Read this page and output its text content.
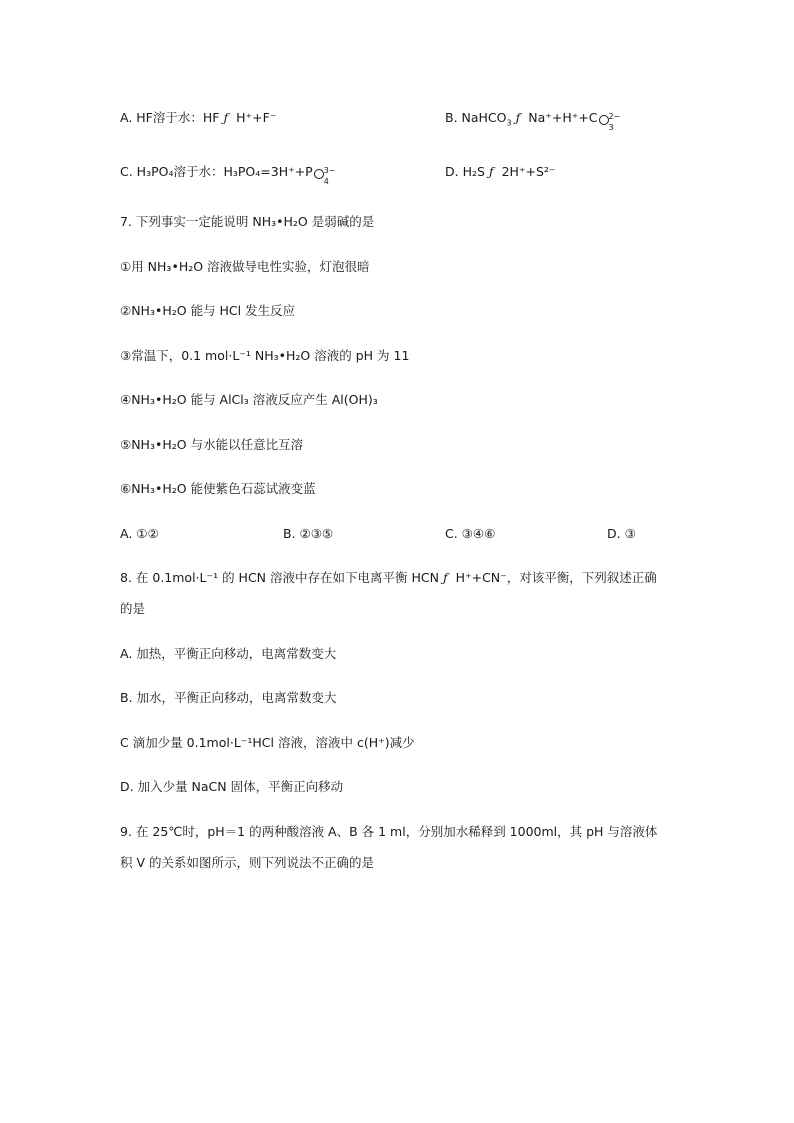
A. HF溶于水：HF ƒ H⁺+F⁻	B. NaHCO$_3$ ƒ Na⁺+H⁺+C 2−
3
C. H₃PO₄溶于水：H₃PO₄=3H⁺+P 3−
4
D. H₂S ƒ 2H⁺+S²⁻
7. 下列事实一定能说明 NH₃•H₂O 是弱碱的是
①用 NH₃•H₂O 溶液做导电性实验，灯泡很暗
②NH₃•H₂O 能与 HCl 发生反应
③常温下，0.1 mol·L⁻¹ NH₃•H₂O 溶液的 pH 为 11
④NH₃•H₂O 能与 AlCl₃ 溶液反应产生 Al(OH)₃
⑤NH₃•H₂O 与水能以任意比互溶
⑥NH₃•H₂O 能使紫色石蕊试液变蓝
A. ①②	B. ②③⑤	C. ③④⑥	D. ③
8. 在 0.1mol·L⁻¹ 的 HCN 溶液中存在如下电离平衡 HCN ƒ H⁺+CN⁻，对该平衡，下列叙述正确
的是
A. 加热，平衡正向移动，电离常数变大
B. 加水，平衡正向移动，电离常数变大
C 滴加少量 0.1mol·L⁻¹HCl 溶液，溶液中 c(H⁺)减少
D. 加入少量 NaCN 固体，平衡正向移动
9. 在 25℃时，pH＝1 的两种酸溶液 A、B 各 1 ml，分别加水稀释到 1000ml，其 pH 与溶液体
积 V 的关系如图所示，则下列说法不正确的是
